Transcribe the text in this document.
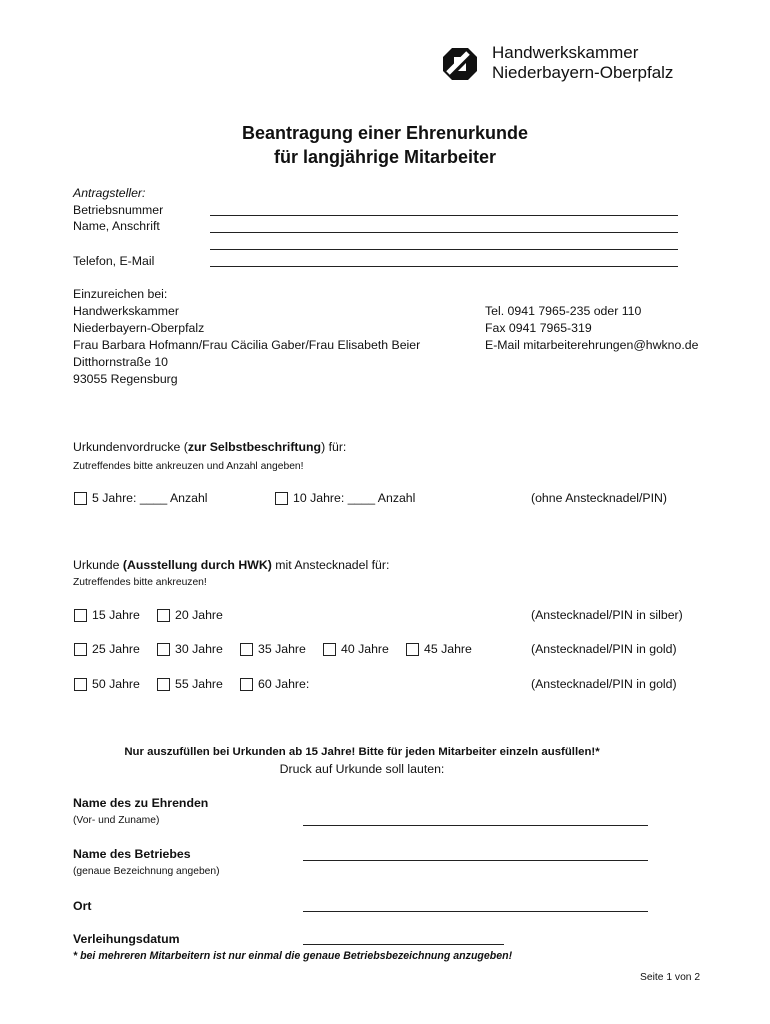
Handwerkskammer
Niederbayern-Oberpfalz
Beantragung einer Ehrenurkunde
für langjährige Mitarbeiter
Antragsteller:
Betriebsnummer
Name, Anschrift
Telefon, E-Mail
Einzureichen bei:
Handwerkskammer
Niederbayern-Oberpfalz
Frau Barbara Hofmann/Frau Cäcilia Gaber/Frau Elisabeth Beier
Ditthornstraße 10
93055 Regensburg
Tel. 0941 7965-235 oder 110
Fax 0941 7965-319
E-Mail mitarbeiterehrungen@hwkno.de
Urkundenvordrucke (zur Selbstbeschriftung) für:
Zutreffendes bitte ankreuzen und Anzahl angeben!
5 Jahre: ____ Anzahl	10 Jahre: ____ Anzahl	(ohne Anstecknadel/PIN)
Urkunde (Ausstellung durch HWK) mit Anstecknadel für:
Zutreffendes bitte ankreuzen!
15 Jahre	20 Jahre	(Anstecknadel/PIN in silber)
25 Jahre	30 Jahre	35 Jahre	40 Jahre	45 Jahre	(Anstecknadel/PIN in gold)
50 Jahre	55 Jahre	60 Jahre:	(Anstecknadel/PIN in gold)
Nur auszufüllen bei Urkunden ab 15 Jahre! Bitte für jeden Mitarbeiter einzeln ausfüllen!*
Druck auf Urkunde soll lauten:
Name des zu Ehrenden
(Vor- und Zuname)
Name des Betriebes
(genaue Bezeichnung angeben)
Ort
Verleihungsdatum
* bei mehreren Mitarbeitern ist nur einmal die genaue Betriebsbezeichnung anzugeben!
Seite 1 von 2
